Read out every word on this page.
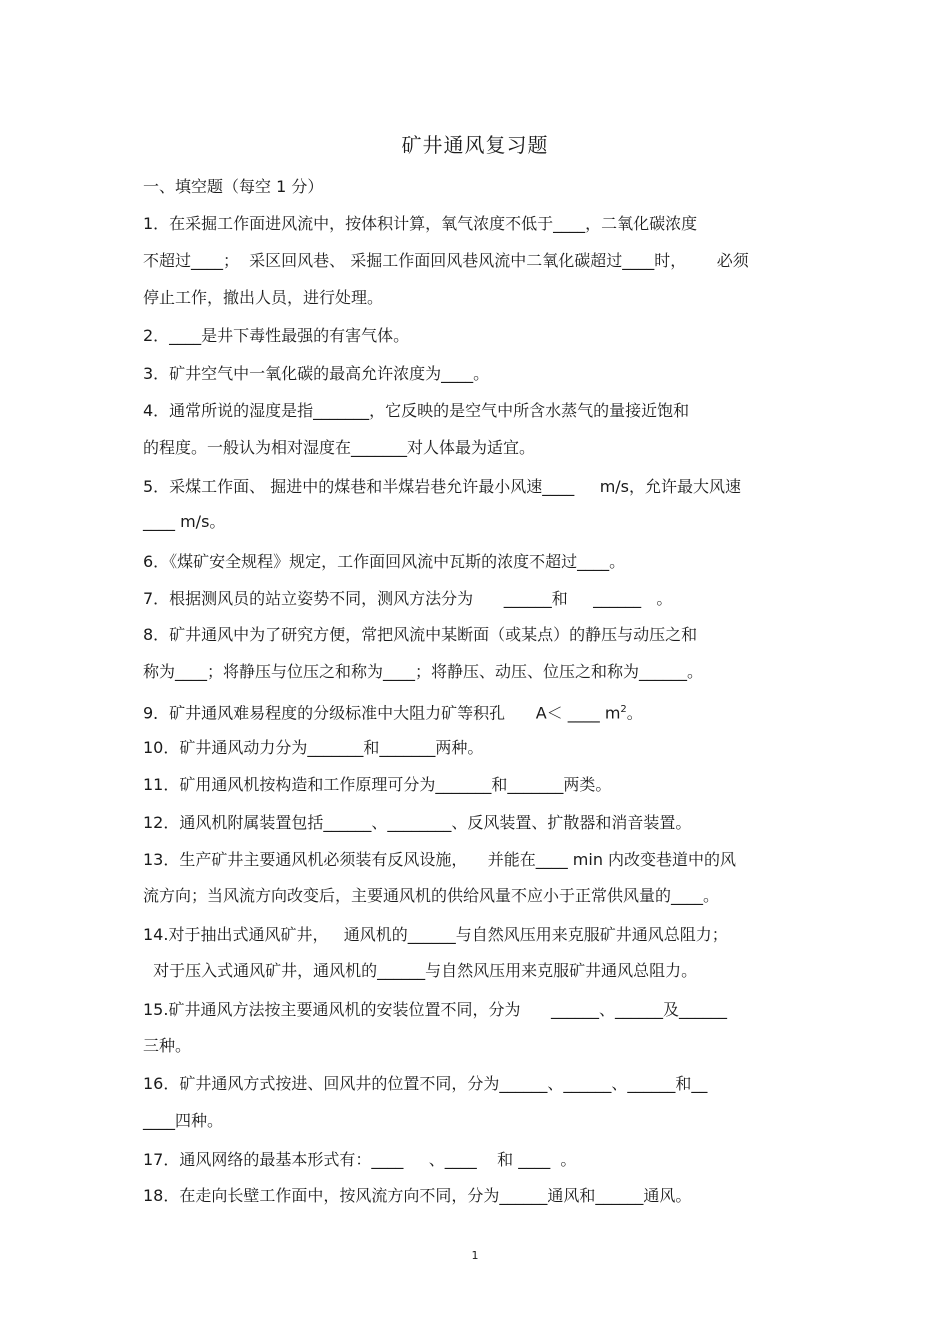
矿井通风复习题
一、填空题（每空 1 分）
1．在采掘工作面进风流中，按体积计算，氧气浓度不低于____，二氧化碳浓度
不超过____；  采区回风巷、 采掘工作面回风巷风流中二氧化碳超过____时，      必须
停止工作，撤出人员，进行处理。
2．____是井下毒性最强的有害气体。
3．矿井空气中一氧化碳的最高允许浓度为____。
4．通常所说的湿度是指_______，它反映的是空气中所含水蒸气的量接近饱和
的程度。一般认为相对湿度在_______对人体最为适宜。
5．采煤工作面、 掘进中的煤巷和半煤岩巷允许最小风速____     m/s，允许最大风速
____ m/s。
6．《煤矿安全规程》规定，工作面回风流中瓦斯的浓度不超过____。
7．根据测风员的站立姿势不同，测风方法分为      ______和     ______   。
8．矿井通风中为了研究方便，常把风流中某断面（或某点）的静压与动压之和
称为____；将静压与位压之和称为____；将静压、动压、位压之和称为______。
9．矿井通风难易程度的分级标准中大阻力矿等积孔      A＜ ____ $m^2$。
10．矿井通风动力分为_______和_______两种。
11．矿用通风机按构造和工作原理可分为_______和_______两类。
12．通风机附属装置包括______、________、反风装置、扩散器和消音装置。
13．生产矿井主要通风机必须装有反风设施，    并能在____ min 内改变巷道中的风
流方向；当风流方向改变后，主要通风机的供给风量不应小于正常供风量的____。
14.对于抽出式通风矿井，   通风机的______与自然风压用来克服矿井通风总阻力；
对于压入式通风矿井，通风机的______与自然风压用来克服矿井通风总阻力。
15.矿井通风方法按主要通风机的安装位置不同，分为      ______、______及______
三种。
16．矿井通风方式按进、回风井的位置不同，分为______、______、______和__
____四种。
17．通风网络的最基本形式有：____     、____    和 ____  。
18．在走向长壁工作面中，按风流方向不同，分为______通风和______通风。
1
